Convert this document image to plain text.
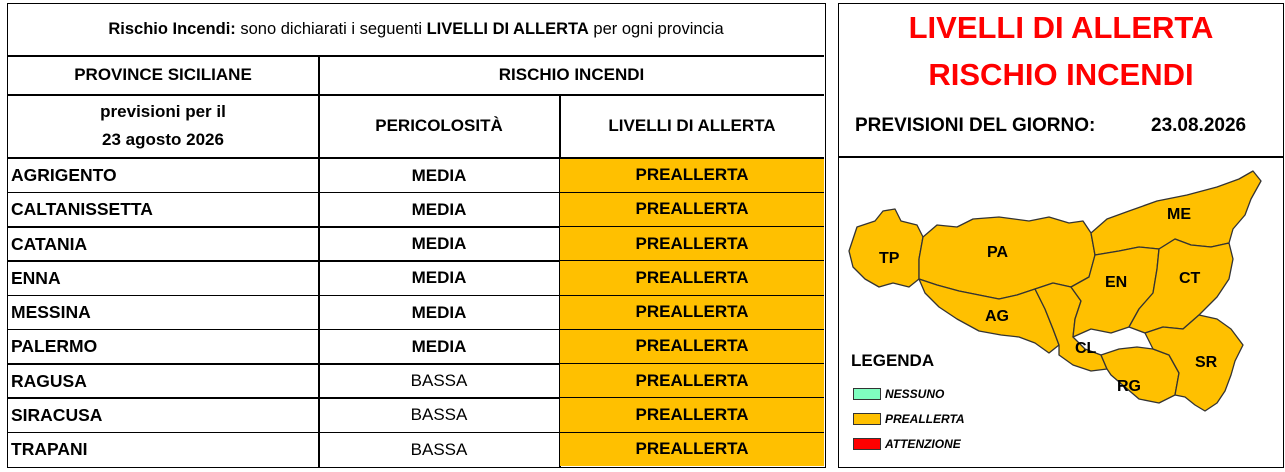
Rischio Incendi: sono dichiarati i seguenti LIVELLI DI ALLERTA per ogni provincia
PROVINCE SICILIANE	RISCHIO INCENDI
previsioni per il
23 agosto 2026
PERICOLOSITÀ	LIVELLI DI ALLERTA
AGRIGENTO	MEDIA	PREALLERTA
CALTANISSETTA	MEDIA	PREALLERTA
CATANIA	MEDIA	PREALLERTA
ENNA	MEDIA	PREALLERTA
MESSINA	MEDIA	PREALLERTA
PALERMO	MEDIA	PREALLERTA
RAGUSA	BASSA	PREALLERTA
SIRACUSA	BASSA	PREALLERTA
TRAPANI	BASSA	PREALLERTA
LIVELLI DI ALLERTA
RISCHIO INCENDI
PREVISIONI DEL GIORNO:	23.08.2026
TP	PA
ME
AG
EN	CT
CL
SR
RG
LEGENDA
NESSUNO
PREALLERTA
ATTENZIONE
